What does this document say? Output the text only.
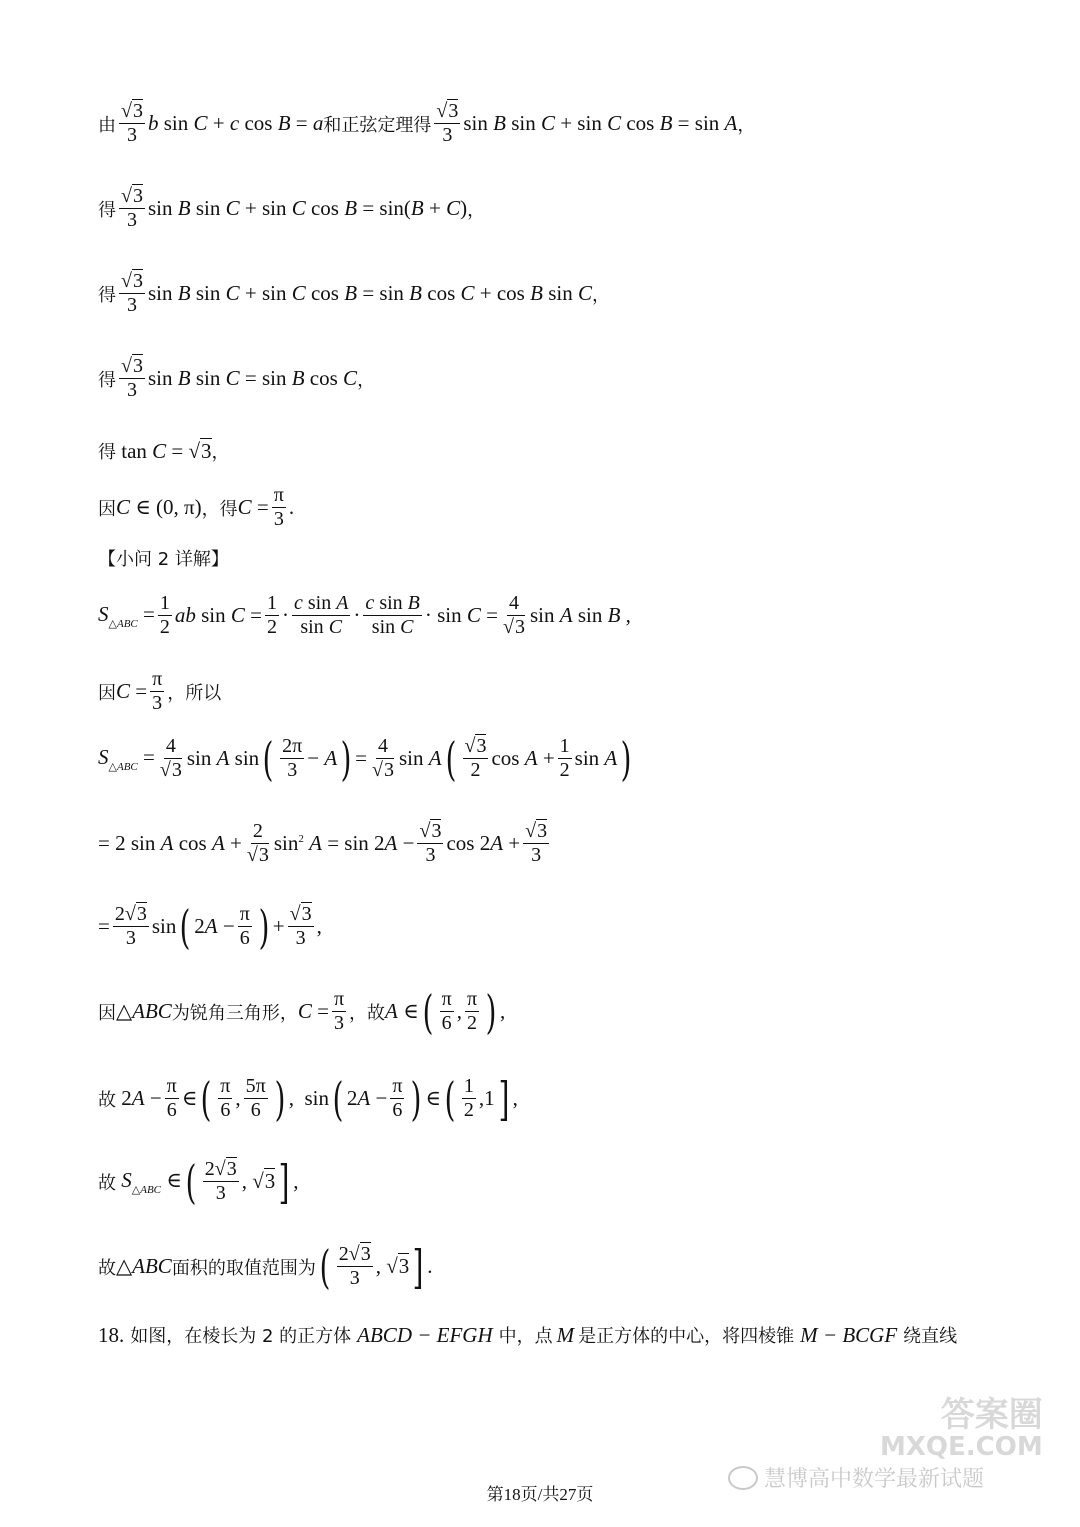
由 $\frac{√3}{3}$ b sin C + c cos B = a 和正弦定理得 $\frac{√3}{3}$ sin B sin C + sin C cos B = sin A ，
得 $\frac{√3}{3}$ sin B sin C + sin C cos B = sin(B + C) ，
得 $\frac{√3}{3}$ sin B sin C + sin C cos B = sin B cos C + cos B sin C ，
得 $\frac{√3}{3}$ sin B sin C = sin B cos C ，
得 tan C = √3 ，
因 C ∈ (0, π) ，得 $C = \frac{\pi}{3}$ .
【小问 2 详解】
$S_{\triangle ABC} = \frac{1}{2}$ ab $\sin C = \frac{1}{2} \cdot \frac{\text{c sin A}}{\text{sin C}} \cdot \frac{\text{c sin B}}{\text{sin C}} \cdot \sin C = \frac{4}{√3}$ sin A sin B ,
因 $C = \frac{\pi}{3}$ ，所以
$S_{\triangle ABC} = \frac{4}{√3}$ sin A sin ( $\frac{2\pi}{3} - A$ ) = $\frac{4}{√3}$ sin A ( $\frac{√3}{2}$ $\cos A + \frac{1}{2}$ sin A )
= 2 sin A $\cos A + \frac{2}{√3} \sin^2 A = \sin 2A - \frac{√3}{3}$ $\cos 2A + \frac{√3}{3}$
= $\frac{2√3}{3}$ sin ( $2A - \frac{\pi}{6}$ ) + $\frac{√3}{3}$ ,
因 △ABC 为锐角三角形， $C = \frac{\pi}{3}$ ，故 A ∈ ( $\frac{\pi}{6}$ , $\frac{\pi}{2}$ ) ,
故 $2A - \frac{\pi}{6}$ ∈ ( $\frac{\pi}{6}$ , $\frac{5\pi}{6}$ ) ,  sin ( $2A - \frac{\pi}{6}$ ) ∈ ( $\frac{1}{2} ,1$ ] ,
故 $S_{\triangle ABC}$ ∈ ( $\frac{2√3}{3}$ , √3 ] ,
故 △ABC 面积的取值范围为 ( $\frac{2√3}{3}$ , √3 ] .
18. 如图，在棱长为 2 的正方体 ABCD − EFGH 中，点 M 是正方体的中心，将四棱锥 M − BCGF 绕直线
慧博高中数学最新试题
答案圈
MXQE.COM
第18页/共27页
